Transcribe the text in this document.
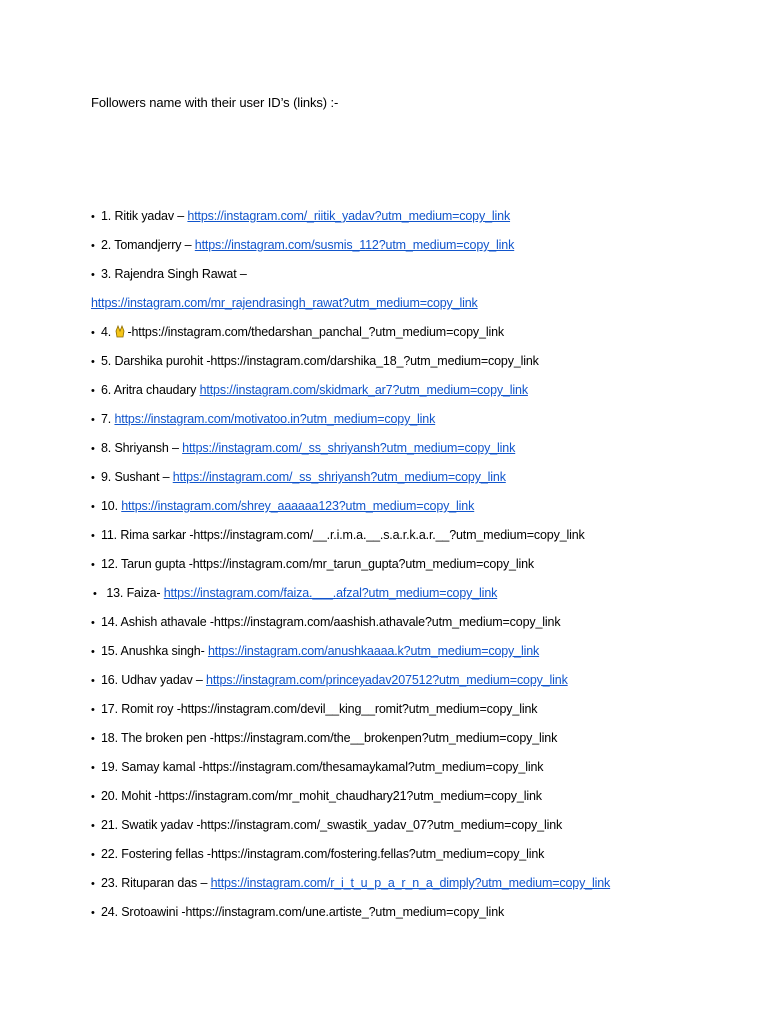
Followers name with their user ID’s (links) :-
• 1. Ritik yadav – https://instagram.com/_riitik_yadav?utm_medium=copy_link
• 2. Tomandjerry – https://instagram.com/susmis_112?utm_medium=copy_link
• 3. Rajendra Singh Rawat –
https://instagram.com/mr_rajendrasingh_rawat?utm_medium=copy_link
• 4. -https://instagram.com/thedarshan_panchal_?utm_medium=copy_link
• 5. Darshika purohit -https://instagram.com/darshika_18_?utm_medium=copy_link
• 6. Aritra chaudary https://instagram.com/skidmark_ar7?utm_medium=copy_link
• 7. https://instagram.com/motivatoo.in?utm_medium=copy_link
• 8. Shriyansh – https://instagram.com/_ss_shriyansh?utm_medium=copy_link
• 9. Sushant – https://instagram.com/_ss_shriyansh?utm_medium=copy_link
• 10. https://instagram.com/shrey_aaaaaa123?utm_medium=copy_link
• 11. Rima sarkar -https://instagram.com/__.r.i.m.a.__.s.a.r.k.a.r.__?utm_medium=copy_link
• 12. Tarun gupta -https://instagram.com/mr_tarun_gupta?utm_medium=copy_link
• 13. Faiza- https://instagram.com/faiza.___.afzal?utm_medium=copy_link
• 14. Ashish athavale -https://instagram.com/aashish.athavale?utm_medium=copy_link
• 15. Anushka singh- https://instagram.com/anushkaaaa.k?utm_medium=copy_link
• 16. Udhav yadav – https://instagram.com/princeyadav207512?utm_medium=copy_link
• 17. Romit roy -https://instagram.com/devil__king__romit?utm_medium=copy_link
• 18. The broken pen -https://instagram.com/the__brokenpen?utm_medium=copy_link
• 19. Samay kamal -https://instagram.com/thesamaykamal?utm_medium=copy_link
• 20. Mohit -https://instagram.com/mr_mohit_chaudhary21?utm_medium=copy_link
• 21. Swatik yadav -https://instagram.com/_swastik_yadav_07?utm_medium=copy_link
• 22. Fostering fellas -https://instagram.com/fostering.fellas?utm_medium=copy_link
• 23. Rituparan das – https://instagram.com/r_i_t_u_p_a_r_n_a_dimply?utm_medium=copy_link
• 24. Srotoawini -https://instagram.com/une.artiste_?utm_medium=copy_link
